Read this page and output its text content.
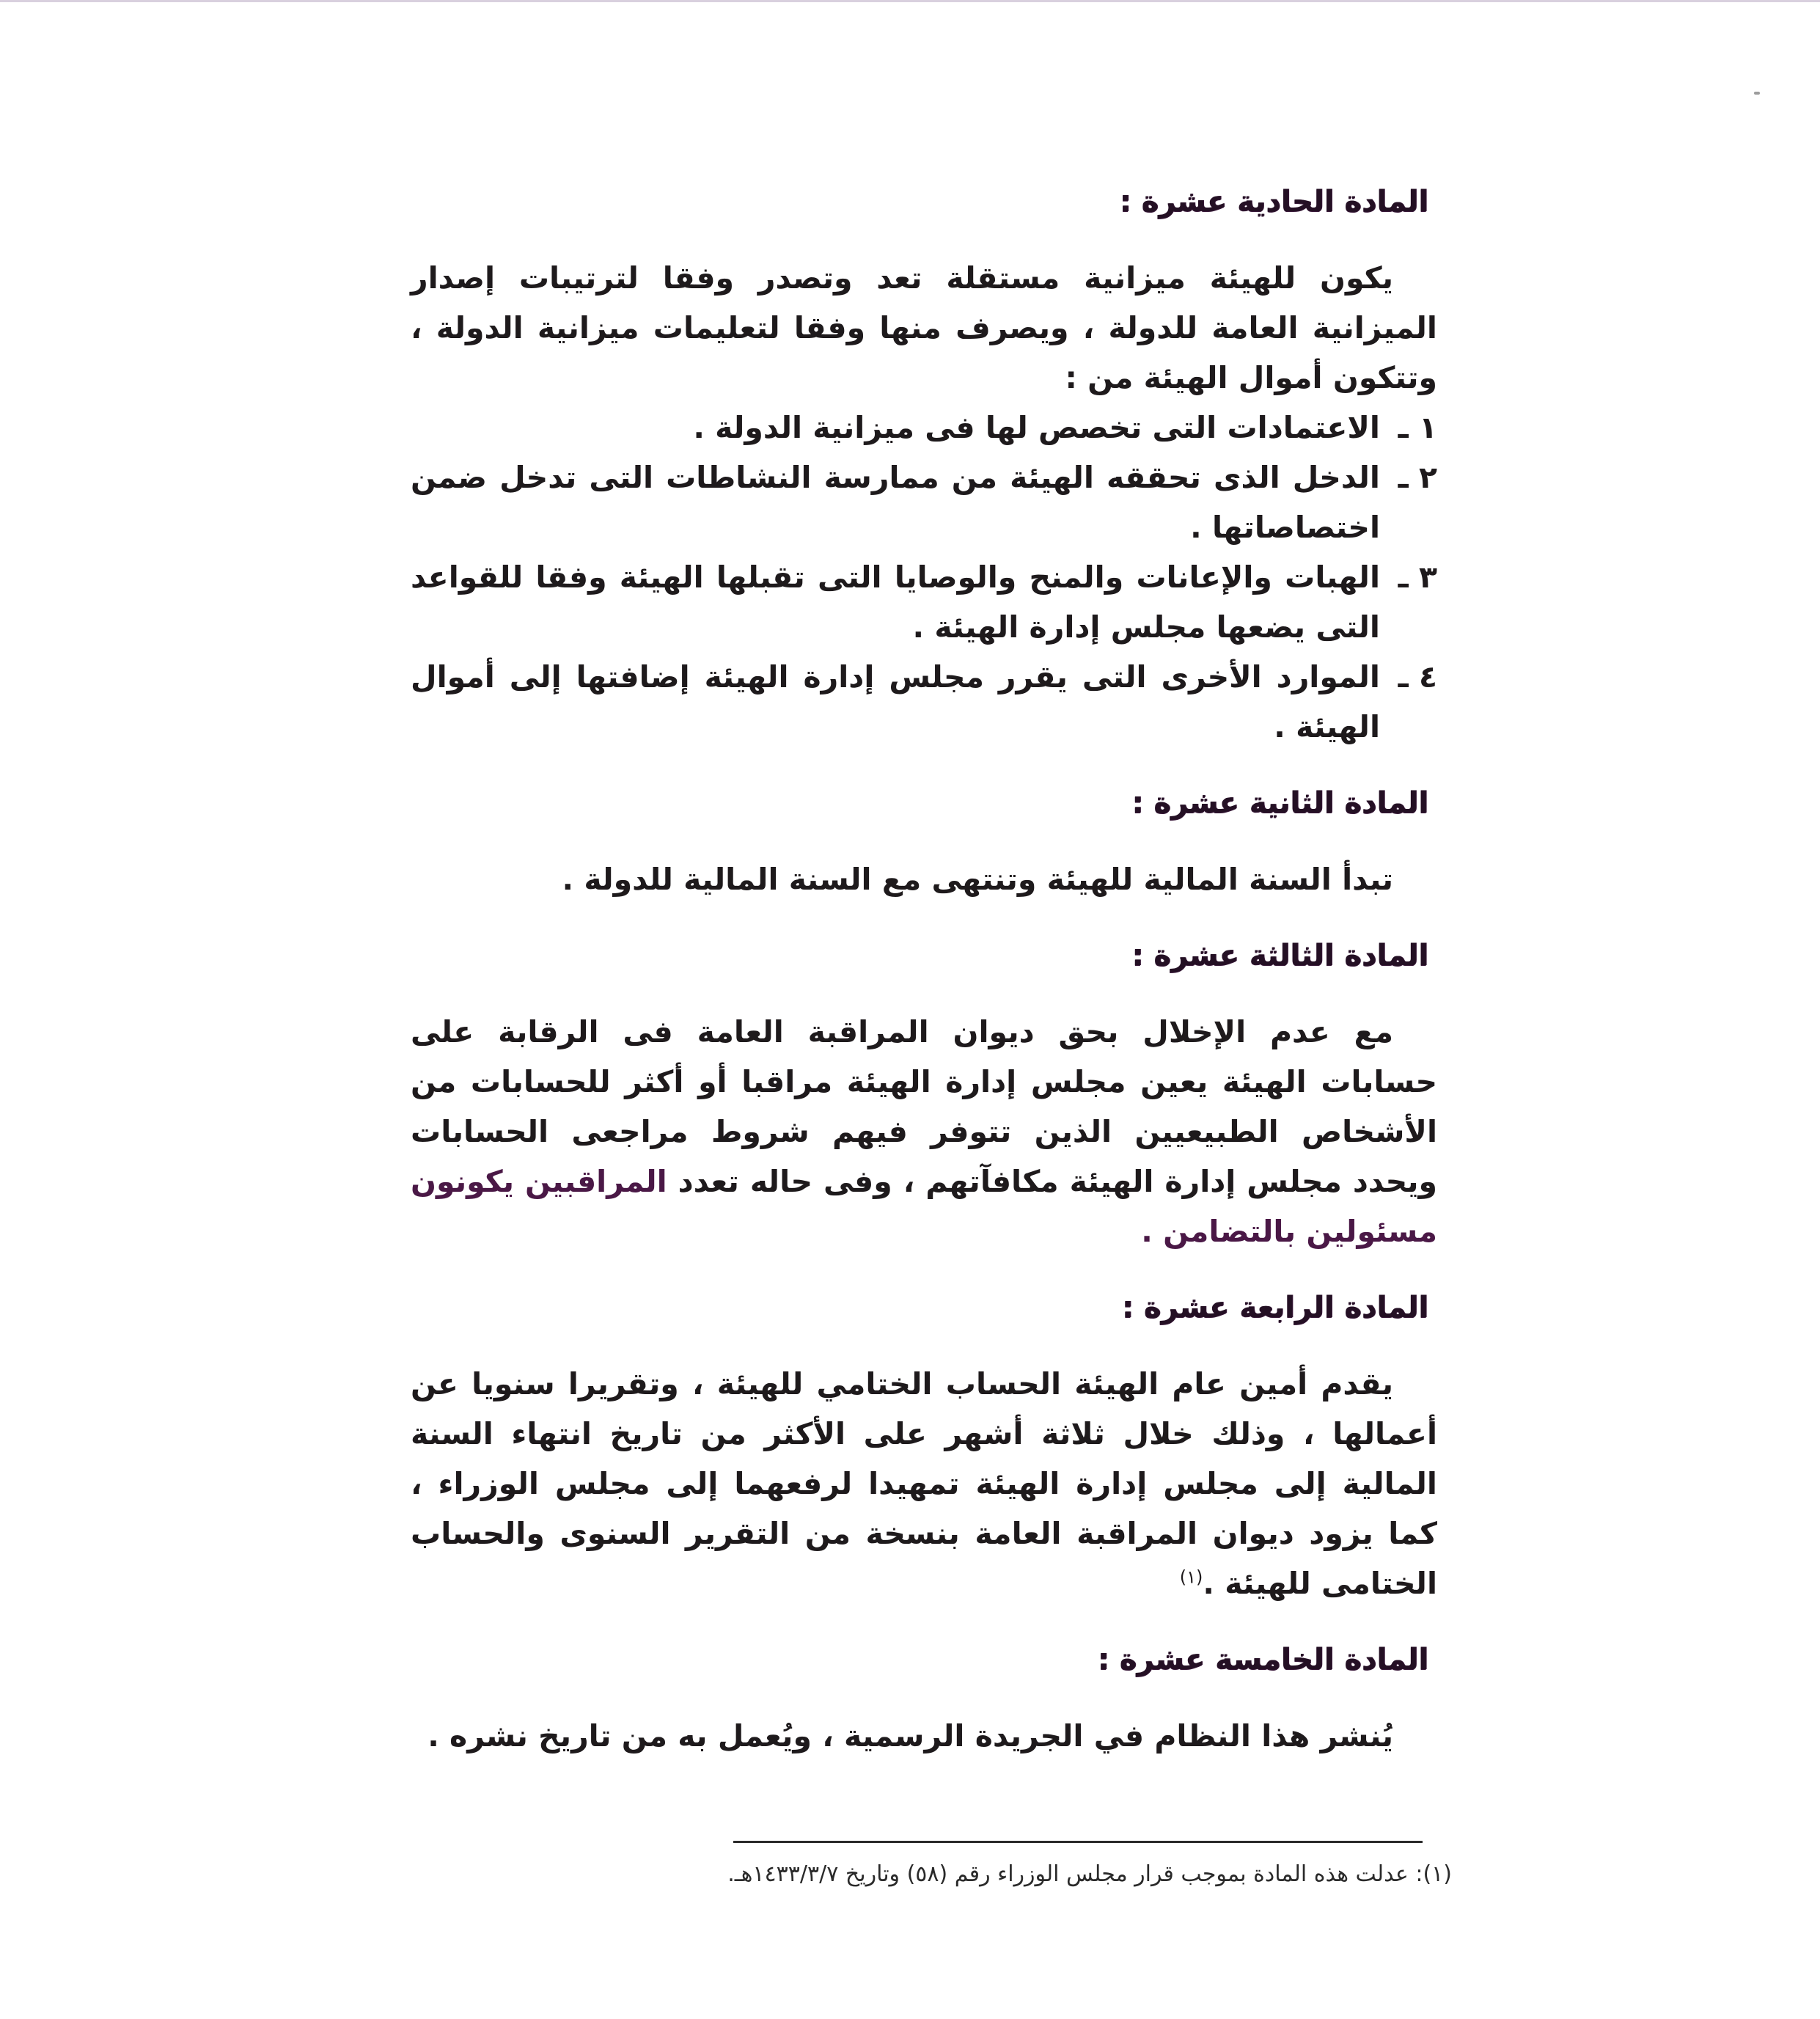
المادة الحادية عشرة :

يكون للهيئة ميزانية مستقلة تعد وتصدر وفقا لترتيبات إصدار الميزانية العامة للدولة ، ويصرف منها وفقا لتعليمات ميزانية الدولة ، وتتكون أموال الهيئة من :

١ ـ
الاعتمادات التى تخصص لها فى ميزانية الدولة .
٢ ـ
الدخل الذى تحققه الهيئة من ممارسة النشاطات التى تدخل ضمن اختصاصاتها .
٣ ـ
الهبات والإعانات والمنح والوصايا التى تقبلها الهيئة وفقا للقواعد التى يضعها مجلس إدارة الهيئة .
٤ ـ
الموارد الأخرى التى يقرر مجلس إدارة الهيئة إضافتها إلى أموال الهيئة .
المادة الثانية عشرة :

تبدأ السنة المالية للهيئة وتنتهى مع السنة المالية للدولة .

المادة الثالثة عشرة :

مع عدم الإخلال بحق ديوان المراقبة العامة فى الرقابة على حسابات الهيئة يعين مجلس إدارة الهيئة مراقبا أو أكثر للحسابات من الأشخاص الطبيعيين الذين تتوفر فيهم شروط مراجعى الحسابات ويحدد مجلس إدارة الهيئة مكافآتهم ، وفى حاله تعدد المراقبين يكونون مسئولين بالتضامن .

المادة الرابعة عشرة :

يقدم أمين عام الهيئة الحساب الختامي للهيئة ، وتقريرا سنويا عن أعمالها ، وذلك خلال ثلاثة أشهر على الأكثر من تاريخ انتهاء السنة المالية إلى مجلس إدارة الهيئة تمهيدا لرفعهما إلى مجلس الوزراء ، كما يزود ديوان المراقبة العامة بنسخة من التقرير السنوى والحساب الختامى للهيئة .$^{(١)}$

المادة الخامسة عشرة :

يُنشر هذا النظام في الجريدة الرسمية ، ويُعمل به من تاريخ نشره .

(١): عدلت هذه المادة بموجب قرار مجلس الوزراء رقم (٥٨) وتاريخ ١٤٣٣/٣/٧هـ.
